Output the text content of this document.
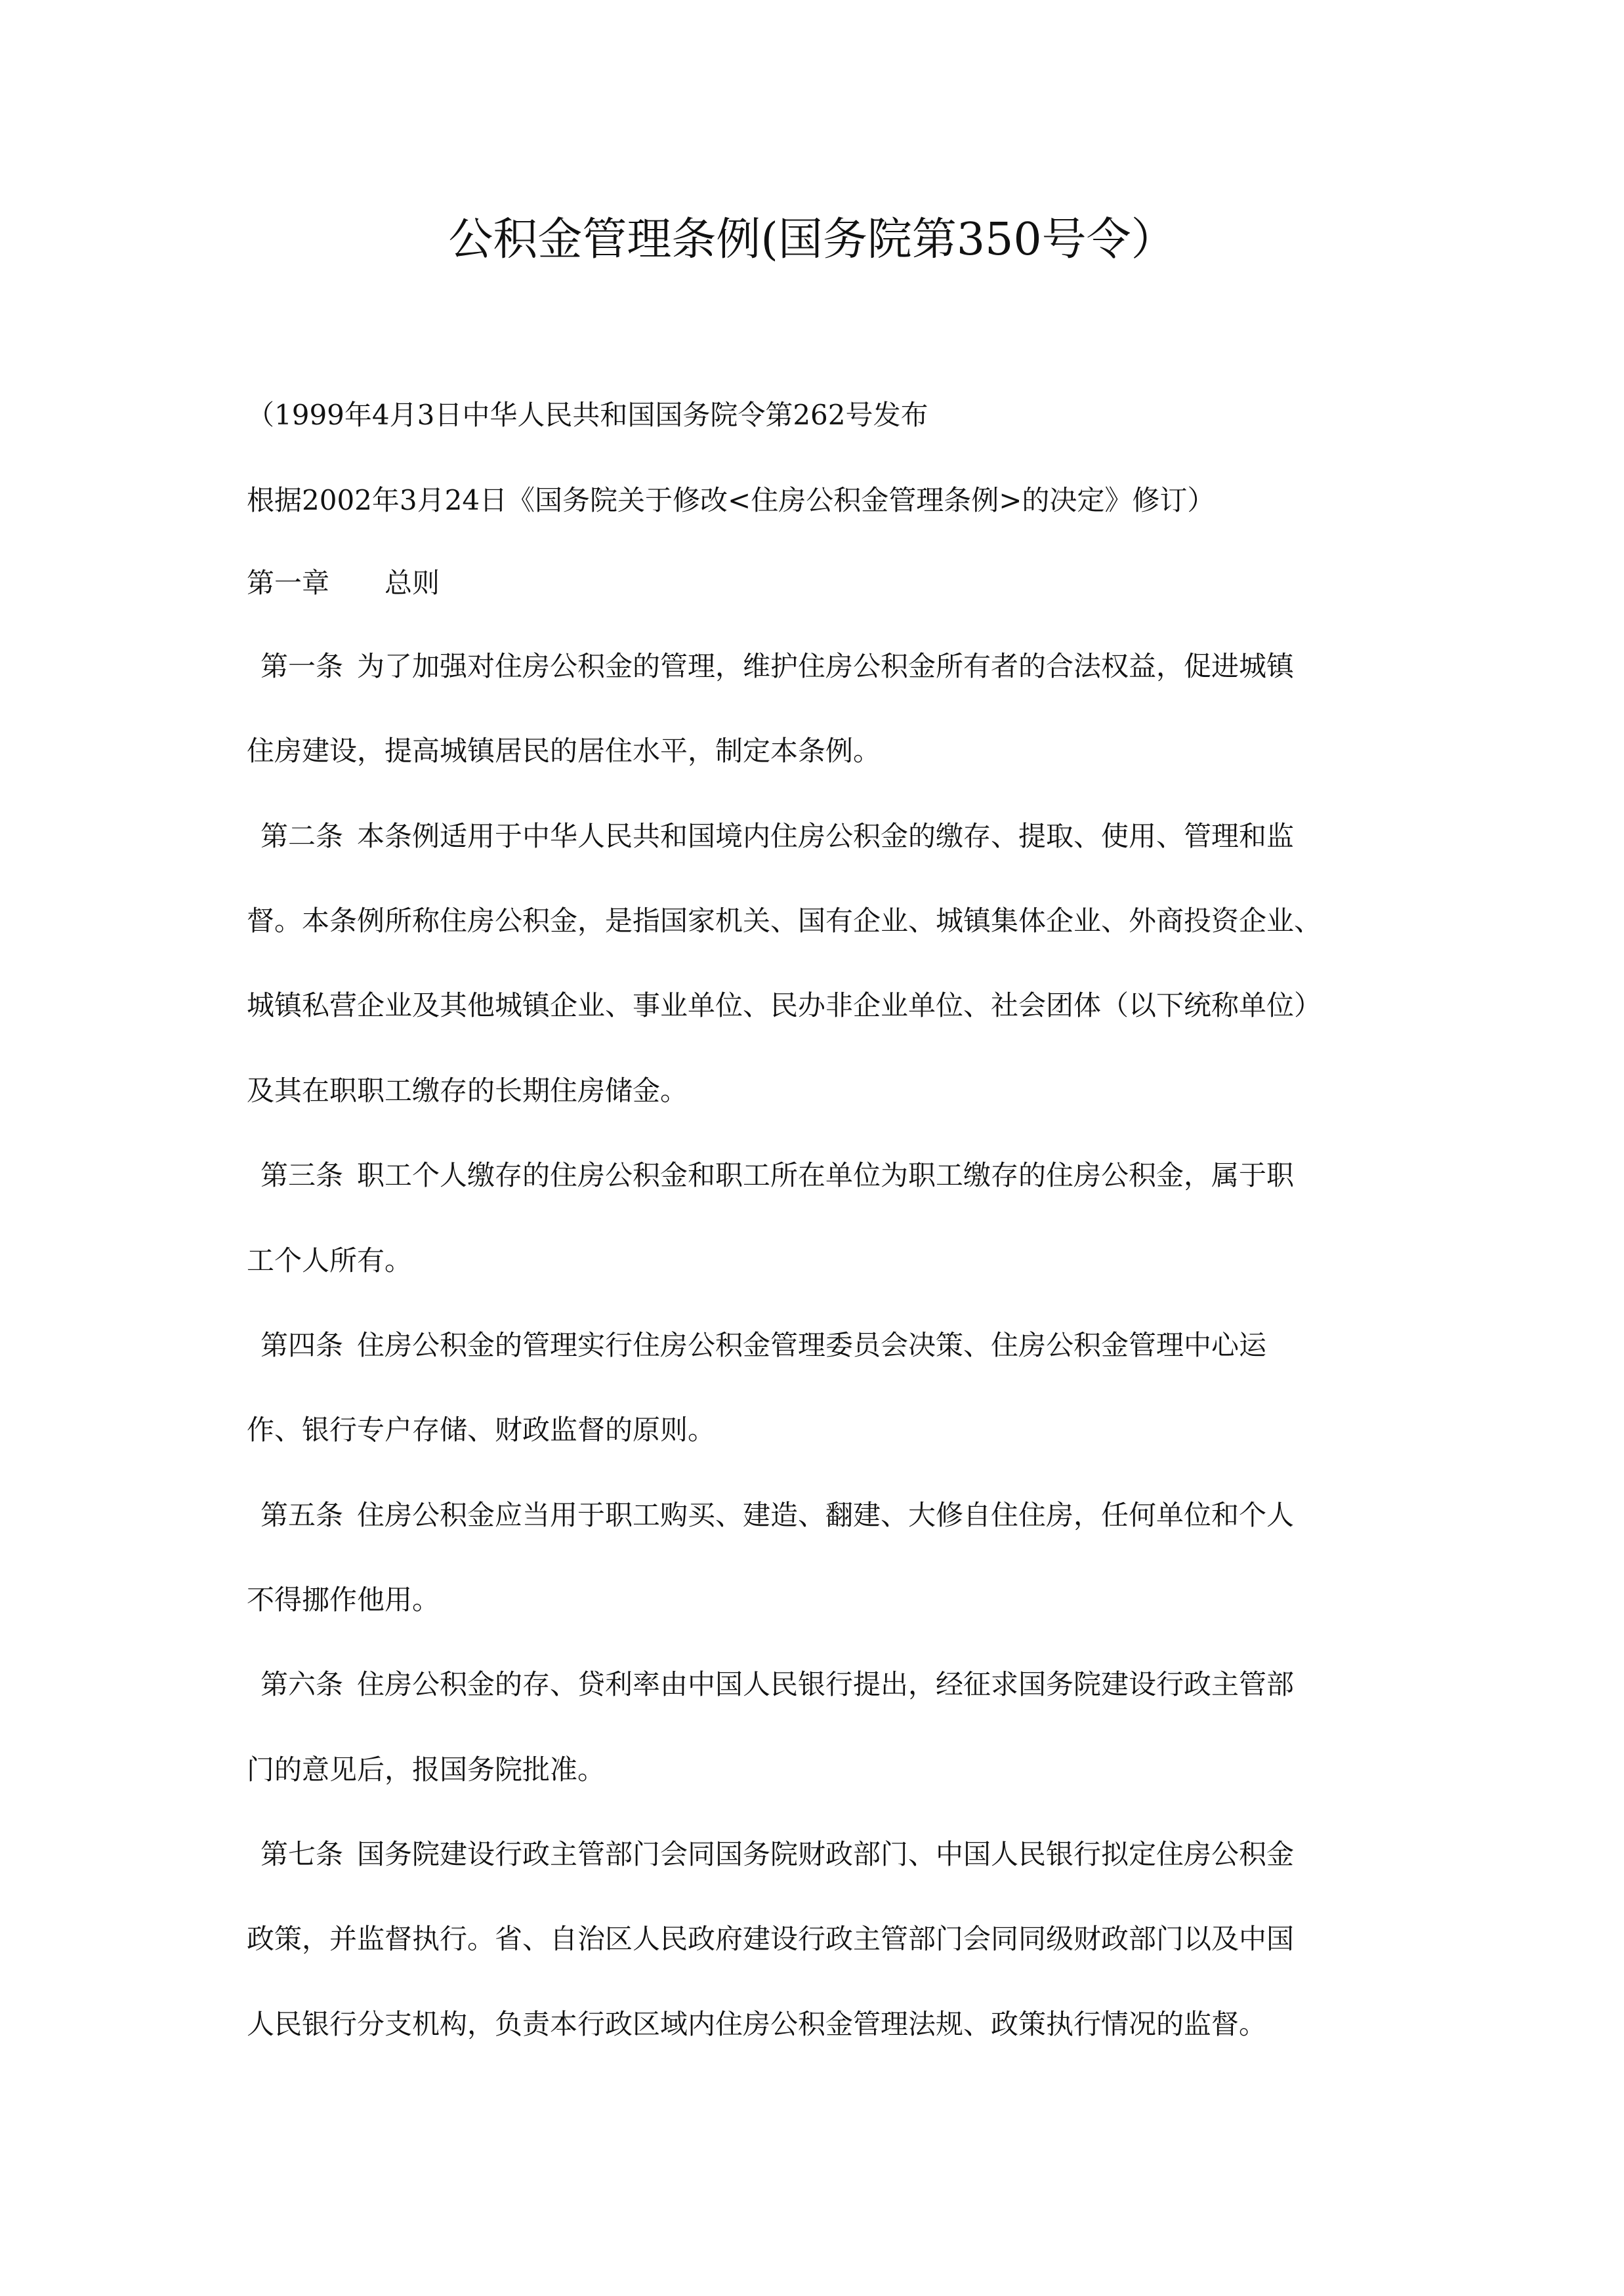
公积金管理条例(国务院第350号令）
（1999年4月3日中华人民共和国国务院令第262号发布
根据2002年3月24日《国务院关于修改<住房公积金管理条例>的决定》修订）
第一章 总则
第一条 为了加强对住房公积金的管理，维护住房公积金所有者的合法权益，促进城镇
住房建设，提高城镇居民的居住水平，制定本条例。
第二条 本条例适用于中华人民共和国境内住房公积金的缴存、提取、使用、管理和监
督。本条例所称住房公积金，是指国家机关、国有企业、城镇集体企业、外商投资企业、
城镇私营企业及其他城镇企业、事业单位、民办非企业单位、社会团体（以下统称单位）
及其在职职工缴存的长期住房储金。
第三条 职工个人缴存的住房公积金和职工所在单位为职工缴存的住房公积金，属于职
工个人所有。
第四条 住房公积金的管理实行住房公积金管理委员会决策、住房公积金管理中心运
作、银行专户存储、财政监督的原则。
第五条 住房公积金应当用于职工购买、建造、翻建、大修自住住房，任何单位和个人
不得挪作他用。
第六条 住房公积金的存、贷利率由中国人民银行提出，经征求国务院建设行政主管部
门的意见后，报国务院批准。
第七条 国务院建设行政主管部门会同国务院财政部门、中国人民银行拟定住房公积金
政策，并监督执行。省、自治区人民政府建设行政主管部门会同同级财政部门以及中国
人民银行分支机构，负责本行政区域内住房公积金管理法规、政策执行情况的监督。
